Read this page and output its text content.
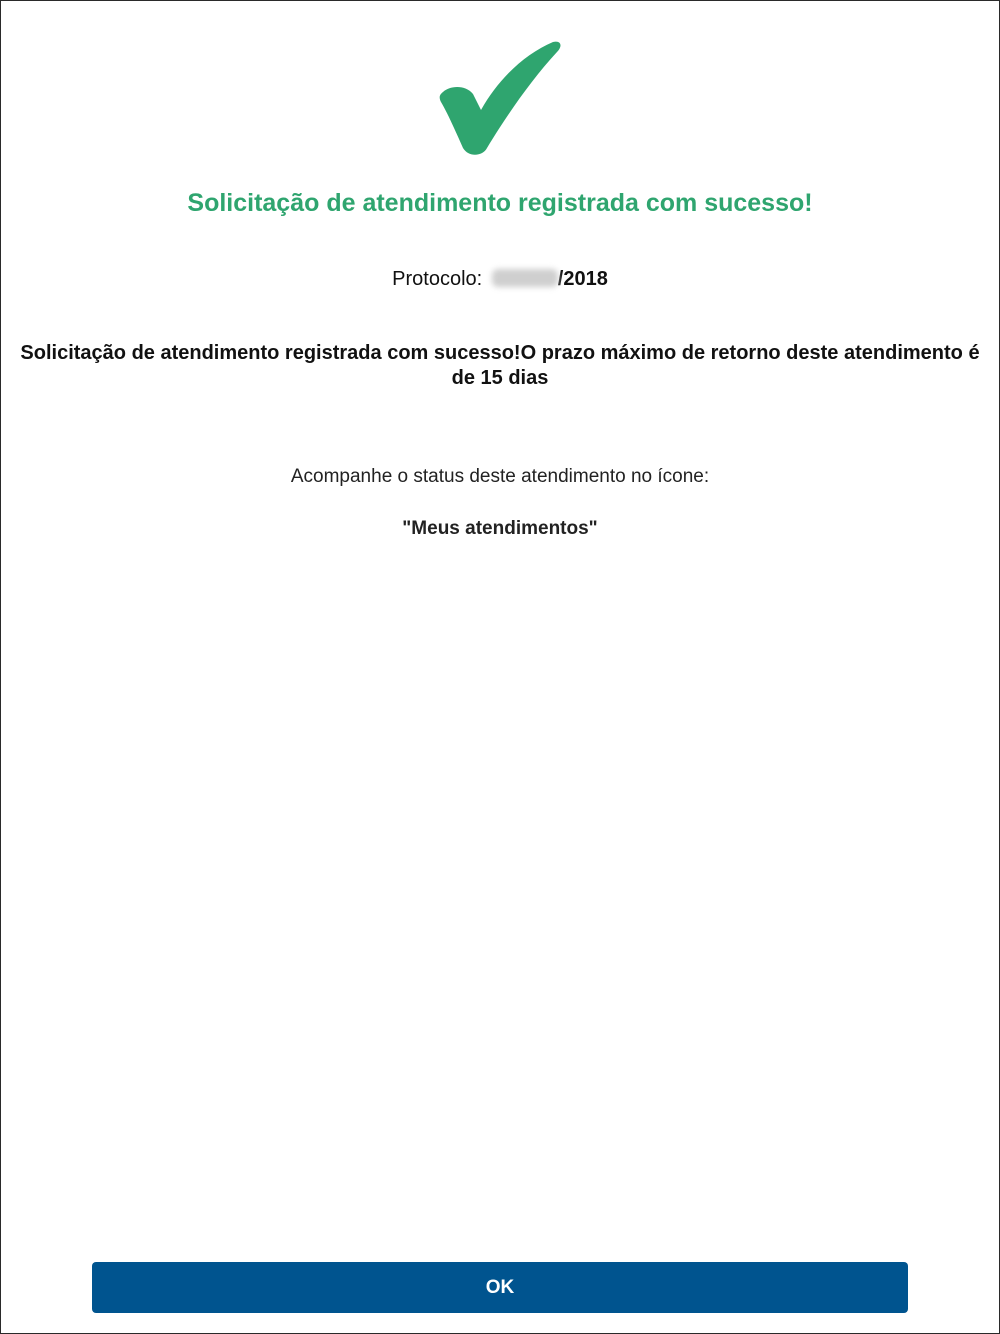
Solicitação de atendimento registrada com sucesso!
Protocolo:	/2018
Solicitação de atendimento registrada com sucesso!O prazo máximo de retorno deste atendimento é de 15 dias
Acompanhe o status deste atendimento no ícone:
"Meus atendimentos"
OK
